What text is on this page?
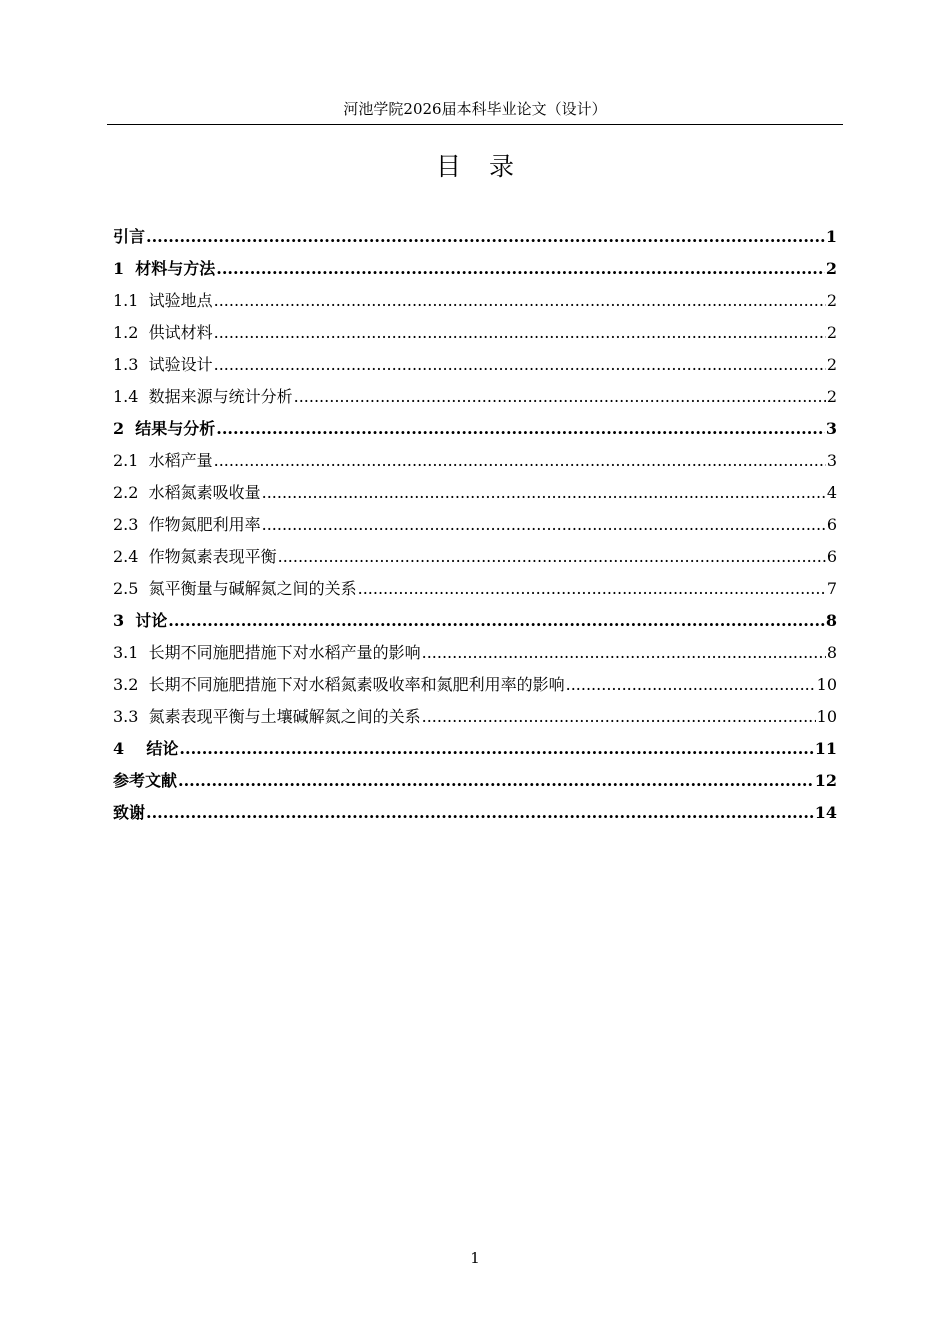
河池学院2026届本科毕业论文（设计）
目录
引言 .....	1
1  材料与方法 .....	2
1.1  试验地点 .....	2
1.2  供试材料 .....	2
1.3  试验设计 .....	2
1.4  数据来源与统计分析 .....	2
2  结果与分析 .....	3
2.1  水稻产量 .....	3
2.2  水稻氮素吸收量 .....	4
2.3  作物氮肥利用率 .....	6
2.4  作物氮素表现平衡 .....	6
2.5  氮平衡量与碱解氮之间的关系 .....	7
3  讨论 .....	8
3.1  长期不同施肥措施下对水稻产量的影响 .....	8
3.2  长期不同施肥措施下对水稻氮素吸收率和氮肥利用率的影响 .....	10
3.3  氮素表现平衡与土壤碱解氮之间的关系 .....	10
4    结论 .....	11
参考文献 .....	12
致谢 .....	14
1
